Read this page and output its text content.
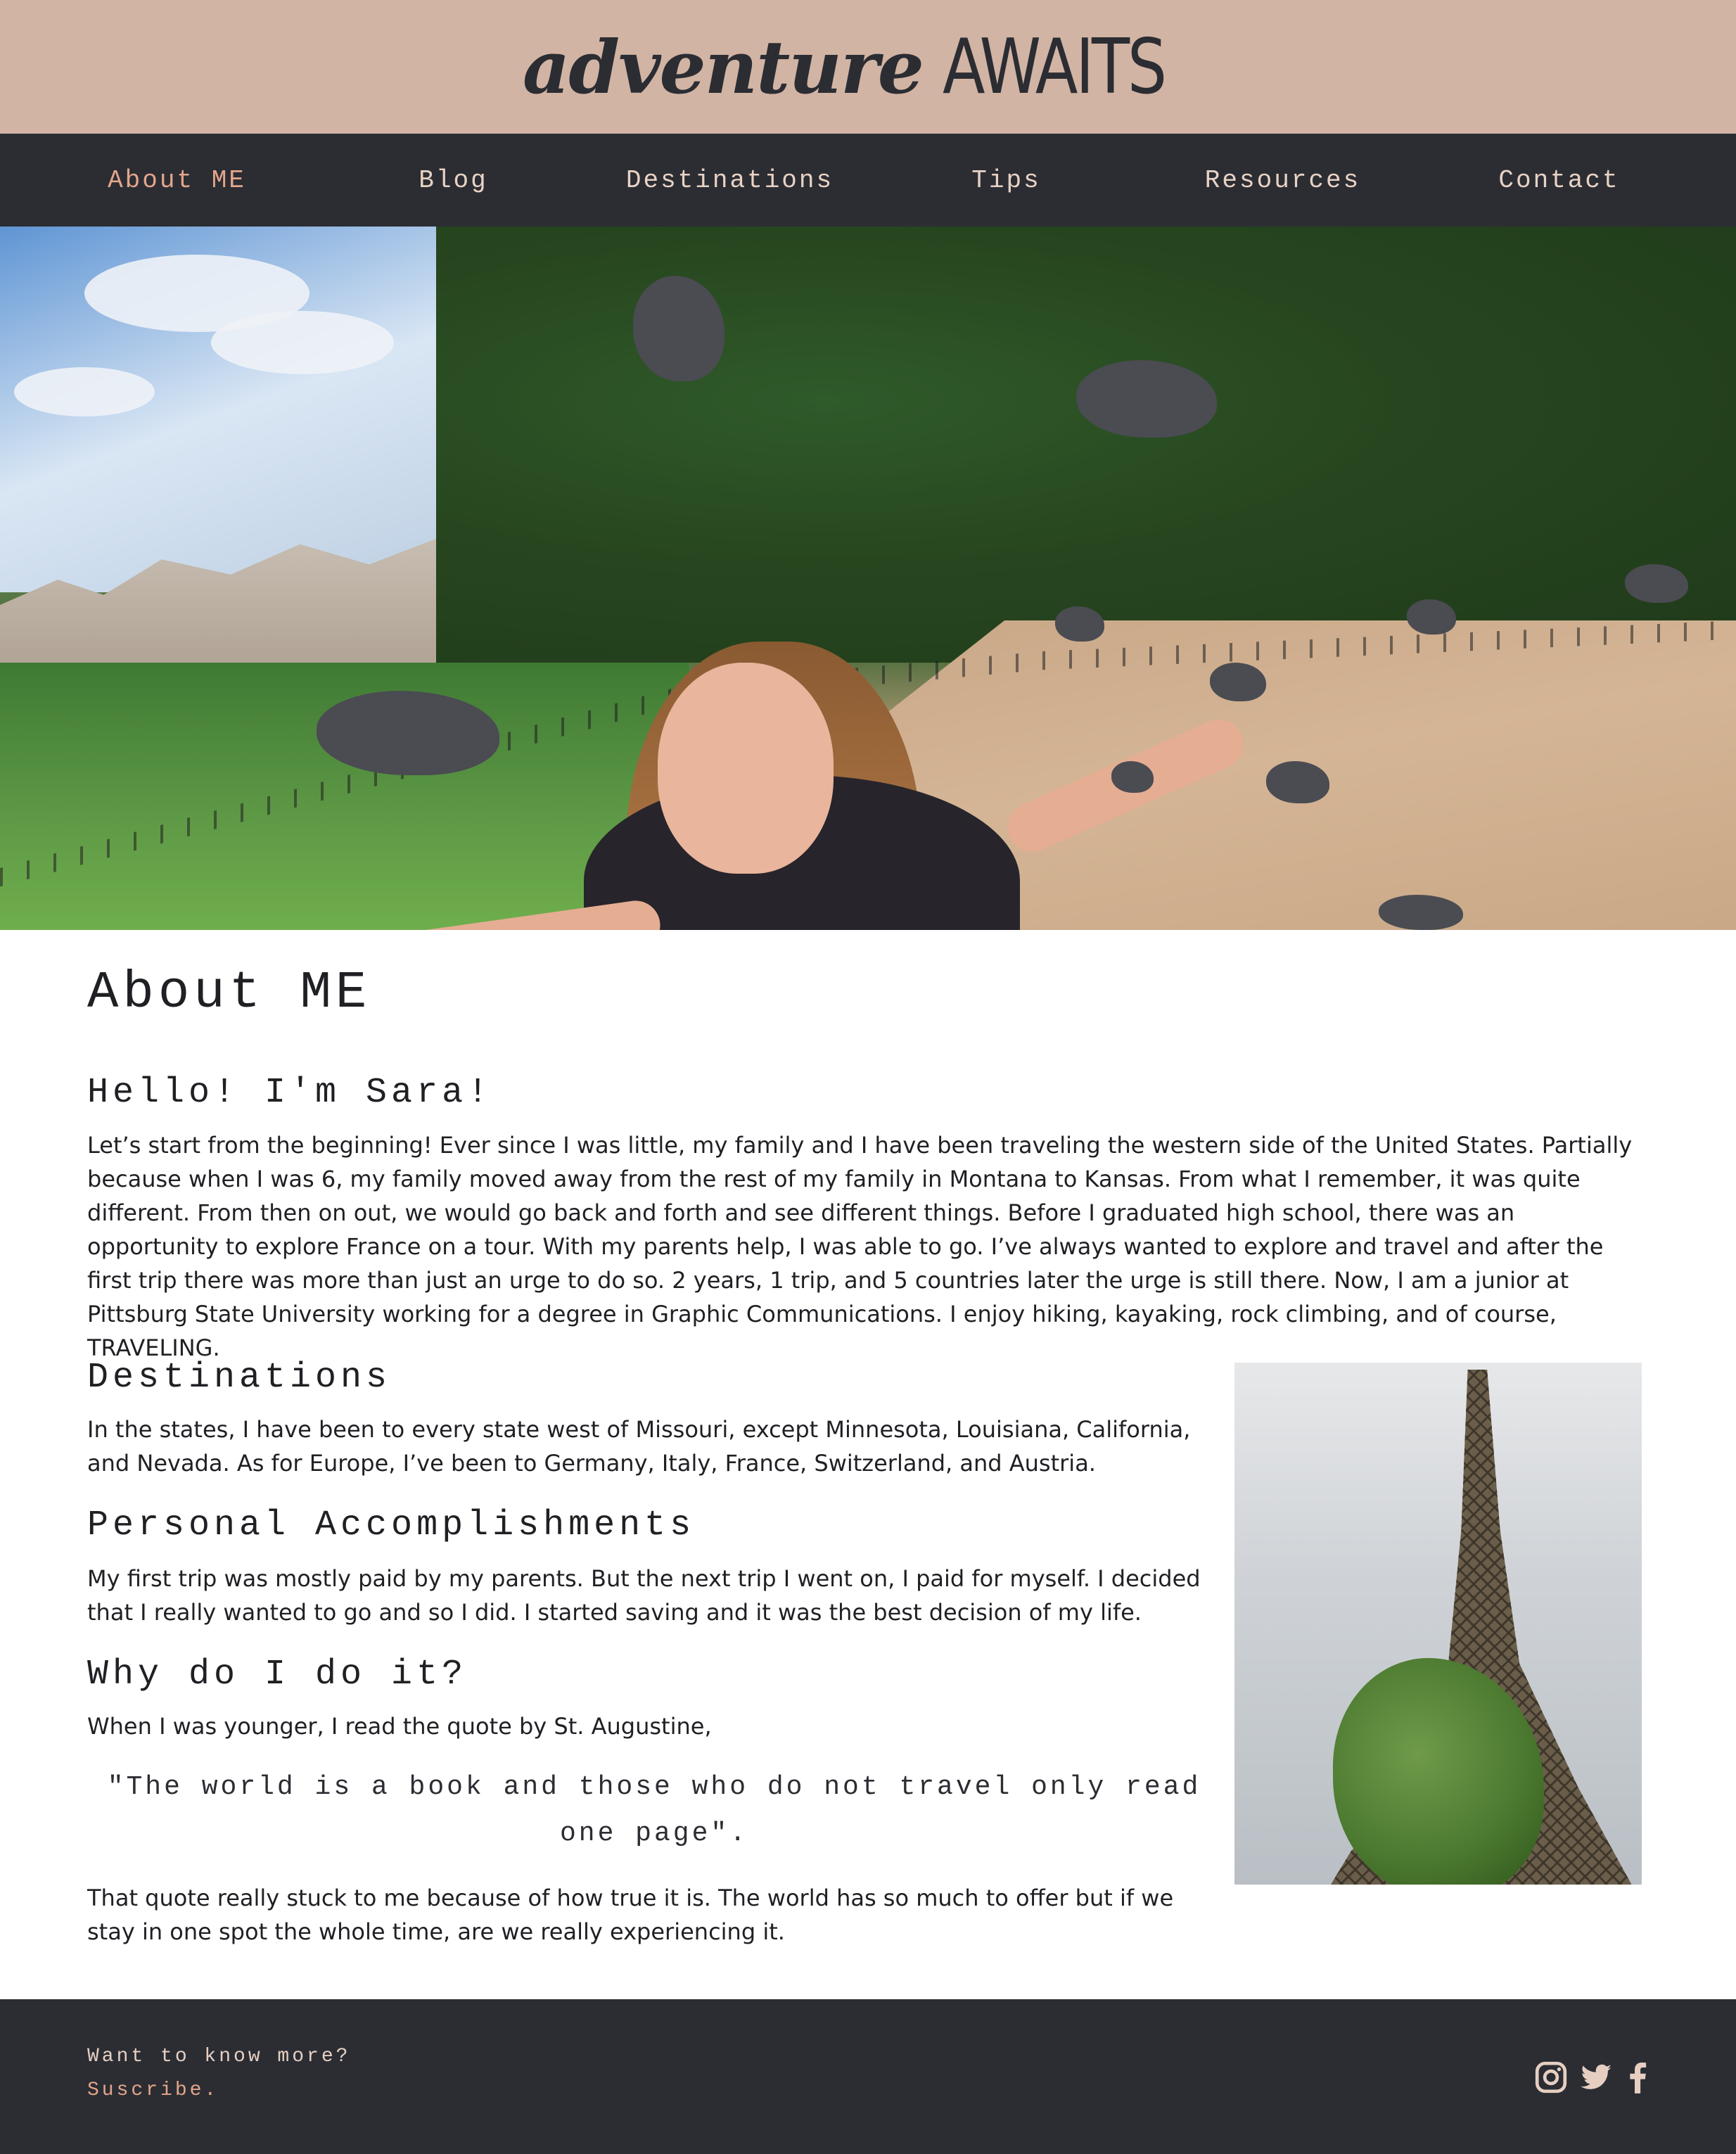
adventure AWAITS
About ME	Blog	Destinations	Tips	Resources	Contact
About ME
Hello! I'm Sara!

Let’s start from the beginning! Ever since I was little, my family and I have been traveling the western side of the United States. Partially because when I was 6, my family moved away from the rest of my family in Montana to Kansas. From what I remember, it was quite different. From then on out, we would go back and forth and see different things. Before I graduated high school, there was an opportunity to explore France on a tour. With my parents help, I was able to go. I’ve always wanted to explore and travel and after the first trip there was more than just an urge to do so. 2 years, 1 trip, and 5 countries later the urge is still there. Now, I am a junior at Pittsburg State University working for a degree in Graphic Communications. I enjoy hiking, kayaking, rock climbing, and of course, TRAVELING.

Destinations

In the states, I have been to every state west of Missouri, except Minnesota, Louisiana, California, and Nevada. As for Europe, I’ve been to Germany, Italy, France, Switzerland, and Austria.

Personal Accomplishments

My first trip was mostly paid by my parents. But the next trip I went on, I paid for myself. I decided that I really wanted to go and so I did. I started saving and it was the best decision of my life.

Why do I do it?

When I was younger, I read the quote by St. Augustine,

"The world is a book and those who do not travel only read one page".

That quote really stuck to me because of how true it is. The world has so much to offer but if we stay in one spot the whole time, are we really experiencing it.

Want to know more?

Suscribe.
